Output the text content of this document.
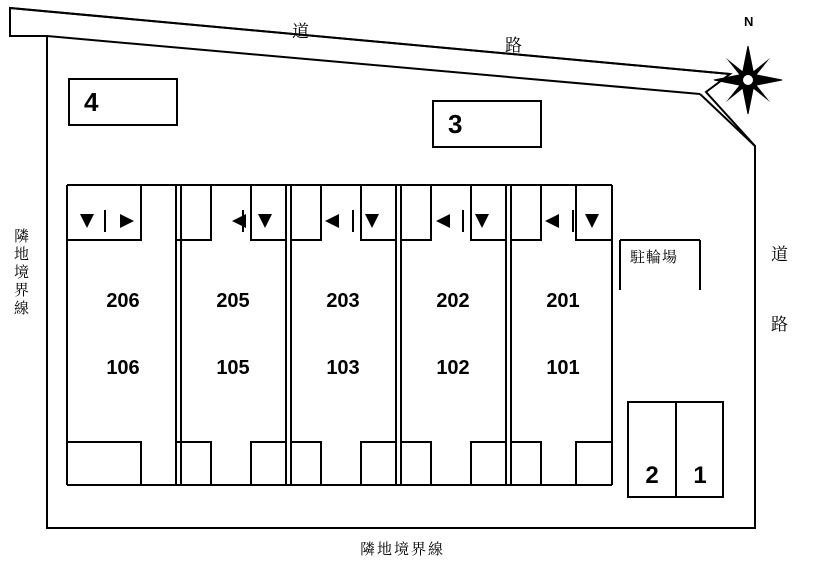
道
路
道
路
隣地境界線
隣地境界線
4
3
駐輪場
206	205	203	202	201
106	105	103	102	101
2	1
N
